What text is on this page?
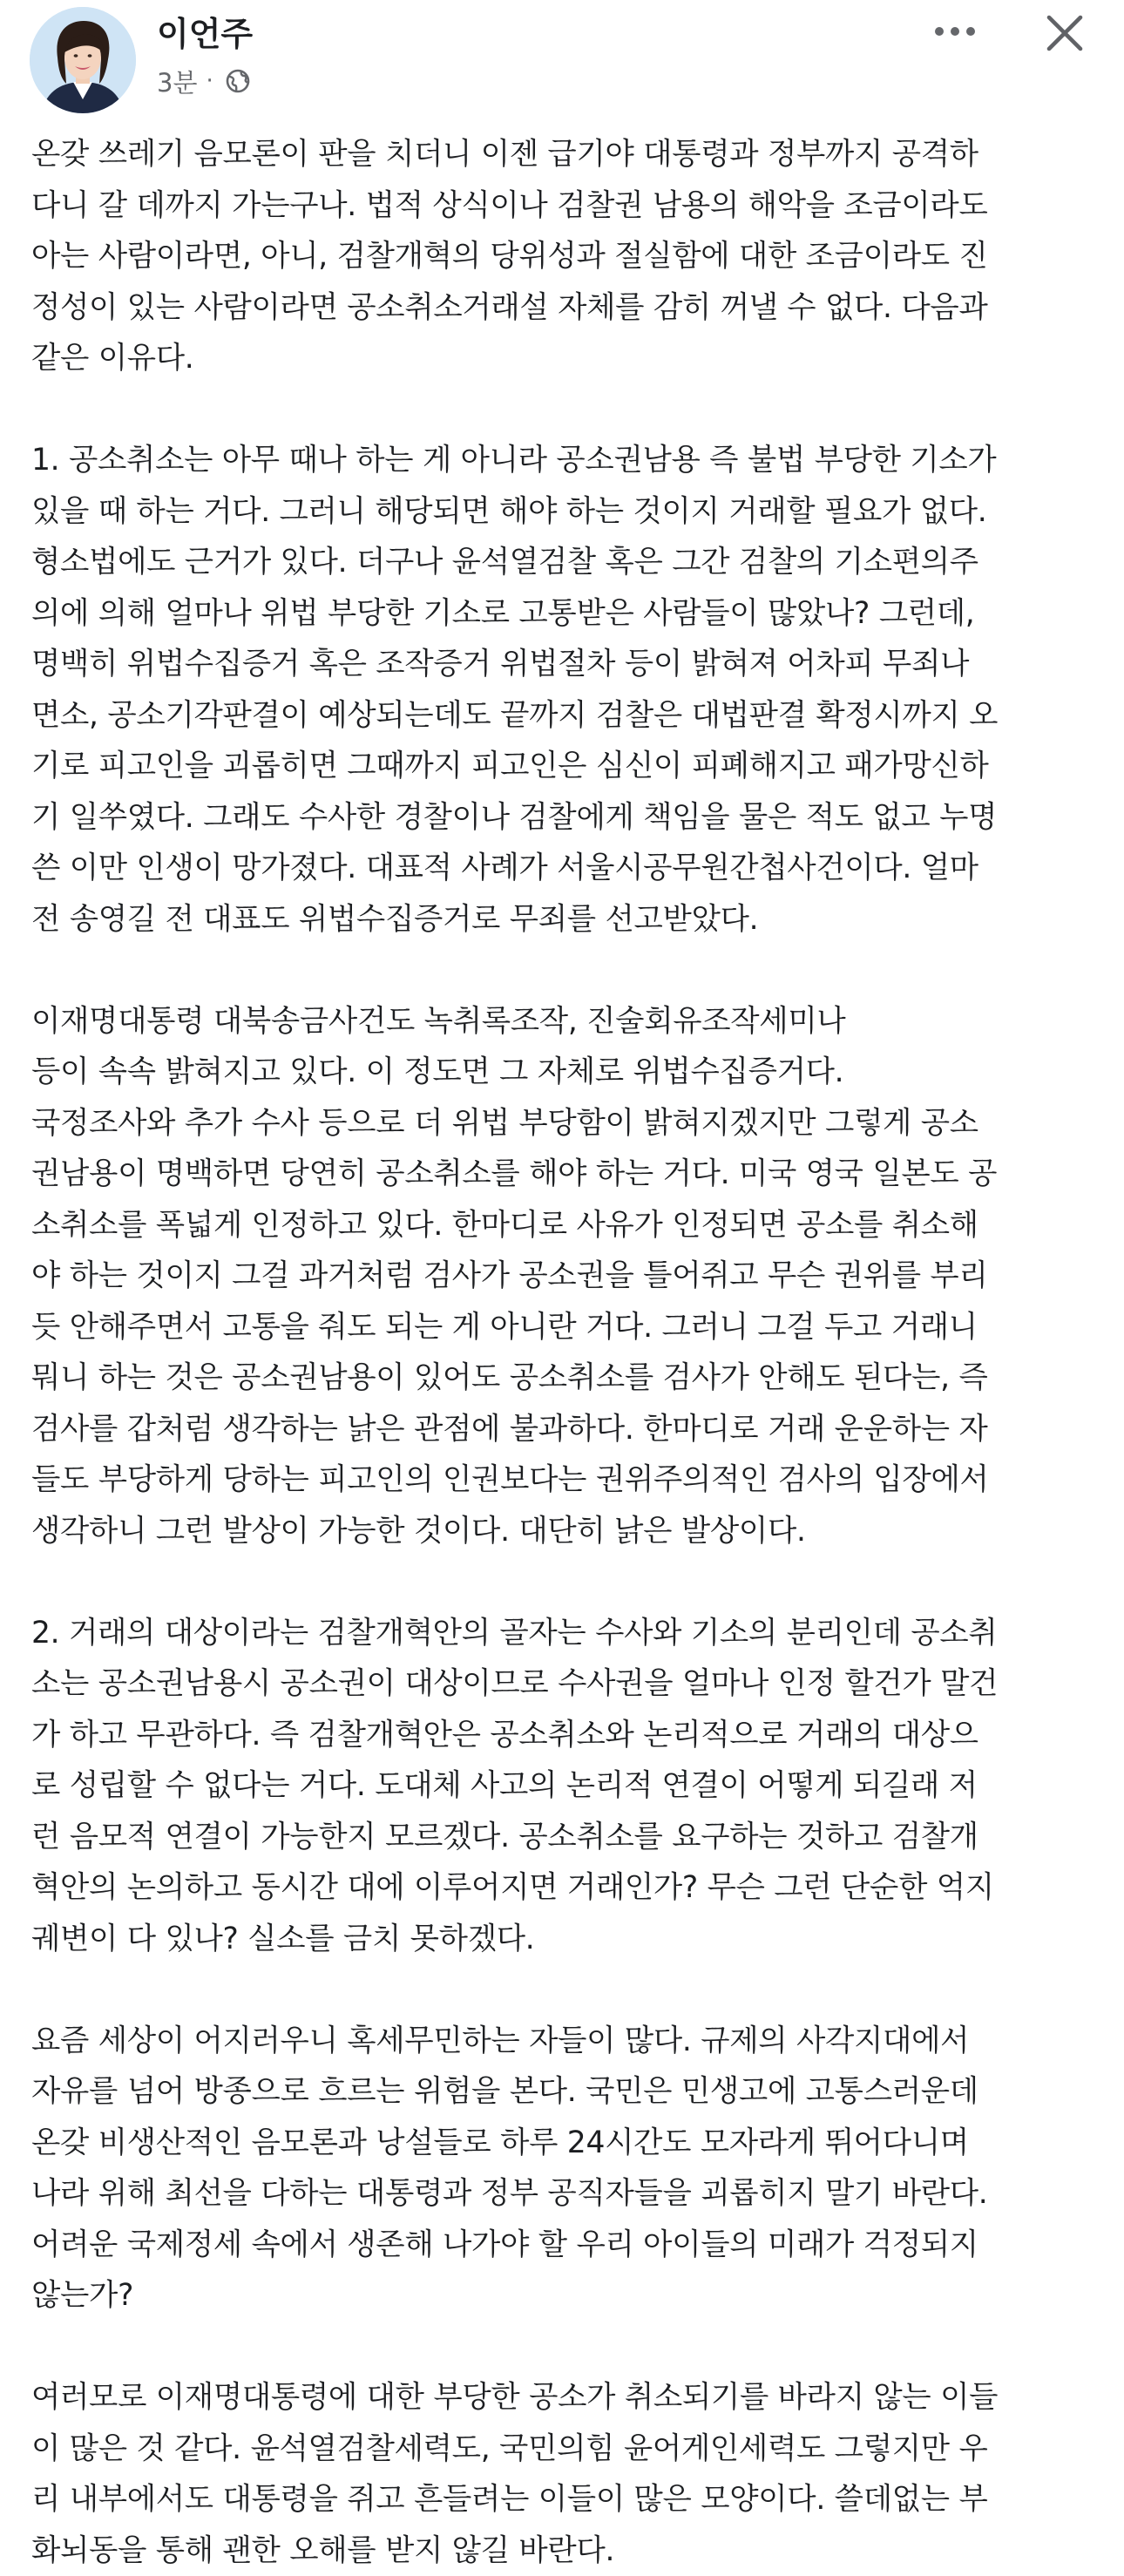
이언주
3분 ·

온갖 쓰레기 음모론이 판을 치더니 이젠 급기야 대통령과 정부까지 공격하
다니 갈 데까지 가는구나. 법적 상식이나 검찰권 남용의 해악을 조금이라도
아는 사람이라면, 아니, 검찰개혁의 당위성과 절실함에 대한 조금이라도 진
정성이 있는 사람이라면 공소취소거래설 자체를 감히 꺼낼 수 없다. 다음과
같은 이유다.

1. 공소취소는 아무 때나 하는 게 아니라 공소권남용 즉 불법 부당한 기소가
있을 때 하는 거다. 그러니 해당되면 해야 하는 것이지 거래할 필요가 없다.
형소법에도 근거가 있다. 더구나 윤석열검찰 혹은 그간 검찰의 기소편의주
의에 의해 얼마나 위법 부당한 기소로 고통받은 사람들이 많았나? 그런데,
명백히 위법수집증거 혹은 조작증거 위법절차 등이 밝혀져 어차피 무죄나
면소, 공소기각판결이 예상되는데도 끝까지 검찰은 대법판결 확정시까지 오
기로 피고인을 괴롭히면 그때까지 피고인은 심신이 피폐해지고 패가망신하
기 일쑤였다. 그래도 수사한 경찰이나 검찰에게 책임을 물은 적도 없고 누명
쓴 이만 인생이 망가졌다. 대표적 사례가 서울시공무원간첩사건이다. 얼마
전 송영길 전 대표도 위법수집증거로 무죄를 선고받았다.

이재명대통령 대북송금사건도 녹취록조작, 진술회유조작세미나
등이 속속 밝혀지고 있다. 이 정도면 그 자체로 위법수집증거다.
국정조사와 추가 수사 등으로 더 위법 부당함이 밝혀지겠지만 그렇게 공소
권남용이 명백하면 당연히 공소취소를 해야 하는 거다. 미국 영국 일본도 공
소취소를 폭넓게 인정하고 있다. 한마디로 사유가 인정되면 공소를 취소해
야 하는 것이지 그걸 과거처럼 검사가 공소권을 틀어쥐고 무슨 권위를 부리
듯 안해주면서 고통을 줘도 되는 게 아니란 거다. 그러니 그걸 두고 거래니
뭐니 하는 것은 공소권남용이 있어도 공소취소를 검사가 안해도 된다는, 즉
검사를 갑처럼 생각하는 낡은 관점에 불과하다. 한마디로 거래 운운하는 자
들도 부당하게 당하는 피고인의 인권보다는 권위주의적인 검사의 입장에서
생각하니 그런 발상이 가능한 것이다. 대단히 낡은 발상이다.

2. 거래의 대상이라는 검찰개혁안의 골자는 수사와 기소의 분리인데 공소취
소는 공소권남용시 공소권이 대상이므로 수사권을 얼마나 인정 할건가 말건
가 하고 무관하다. 즉 검찰개혁안은 공소취소와 논리적으로 거래의 대상으
로 성립할 수 없다는 거다. 도대체 사고의 논리적 연결이 어떻게 되길래 저
런 음모적 연결이 가능한지 모르겠다. 공소취소를 요구하는 것하고 검찰개
혁안의 논의하고 동시간 대에 이루어지면 거래인가? 무슨 그런 단순한 억지
궤변이 다 있나? 실소를 금치 못하겠다.

요즘 세상이 어지러우니 혹세무민하는 자들이 많다. 규제의 사각지대에서
자유를 넘어 방종으로 흐르는 위험을 본다. 국민은 민생고에 고통스러운데
온갖 비생산적인 음모론과 낭설들로 하루 24시간도 모자라게 뛰어다니며
나라 위해 최선을 다하는 대통령과 정부 공직자들을 괴롭히지 말기 바란다.
어려운 국제정세 속에서 생존해 나가야 할 우리 아이들의 미래가 걱정되지
않는가?

여러모로 이재명대통령에 대한 부당한 공소가 취소되기를 바라지 않는 이들
이 많은 것 같다. 윤석열검찰세력도, 국민의힘 윤어게인세력도 그렇지만 우
리 내부에서도 대통령을 쥐고 흔들려는 이들이 많은 모양이다. 쓸데없는 부
화뇌동을 통해 괜한 오해를 받지 않길 바란다.
